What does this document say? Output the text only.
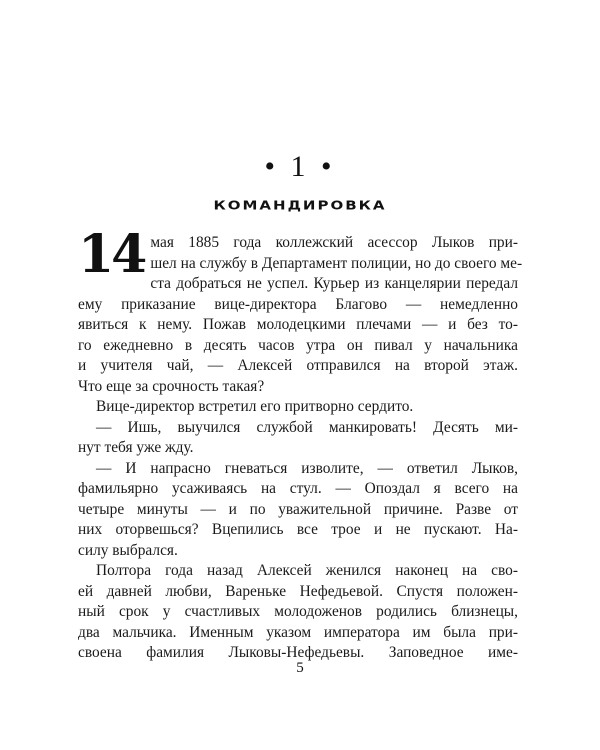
• 1 •
КОМАНДИРОВКА
14 мая 1885 года коллежский асессор Лыков при-
шел на службу в Департамент полиции, но до своего ме-
ста добраться не успел. Курьер из канцелярии передал
ему приказание вице-директора Благово — немедленно
явиться к нему. Пожав молодецкими плечами — и без то-
го ежедневно в десять часов утра он пивал у начальника
и учителя чай, — Алексей отправился на второй этаж.
Что еще за срочность такая?
Вице-директор встретил его притворно сердито.
— Ишь, выучился службой манкировать! Десять ми-
нут тебя уже жду.
— И напрасно гневаться изволите, — ответил Лыков,
фамильярно усаживаясь на стул. — Опоздал я всего на
четыре минуты — и по уважительной причине. Разве от
них оторвешься? Вцепились все трое и не пускают. На-
силу выбрался.
Полтора года назад Алексей женился наконец на сво-
ей давней любви, Вареньке Нефедьевой. Спустя положен-
ный срок у счастливых молодоженов родились близнецы,
два мальчика. Именным указом императора им была при-
своена фамилия Лыковы-Нефедьевы. Заповедное име-
5
